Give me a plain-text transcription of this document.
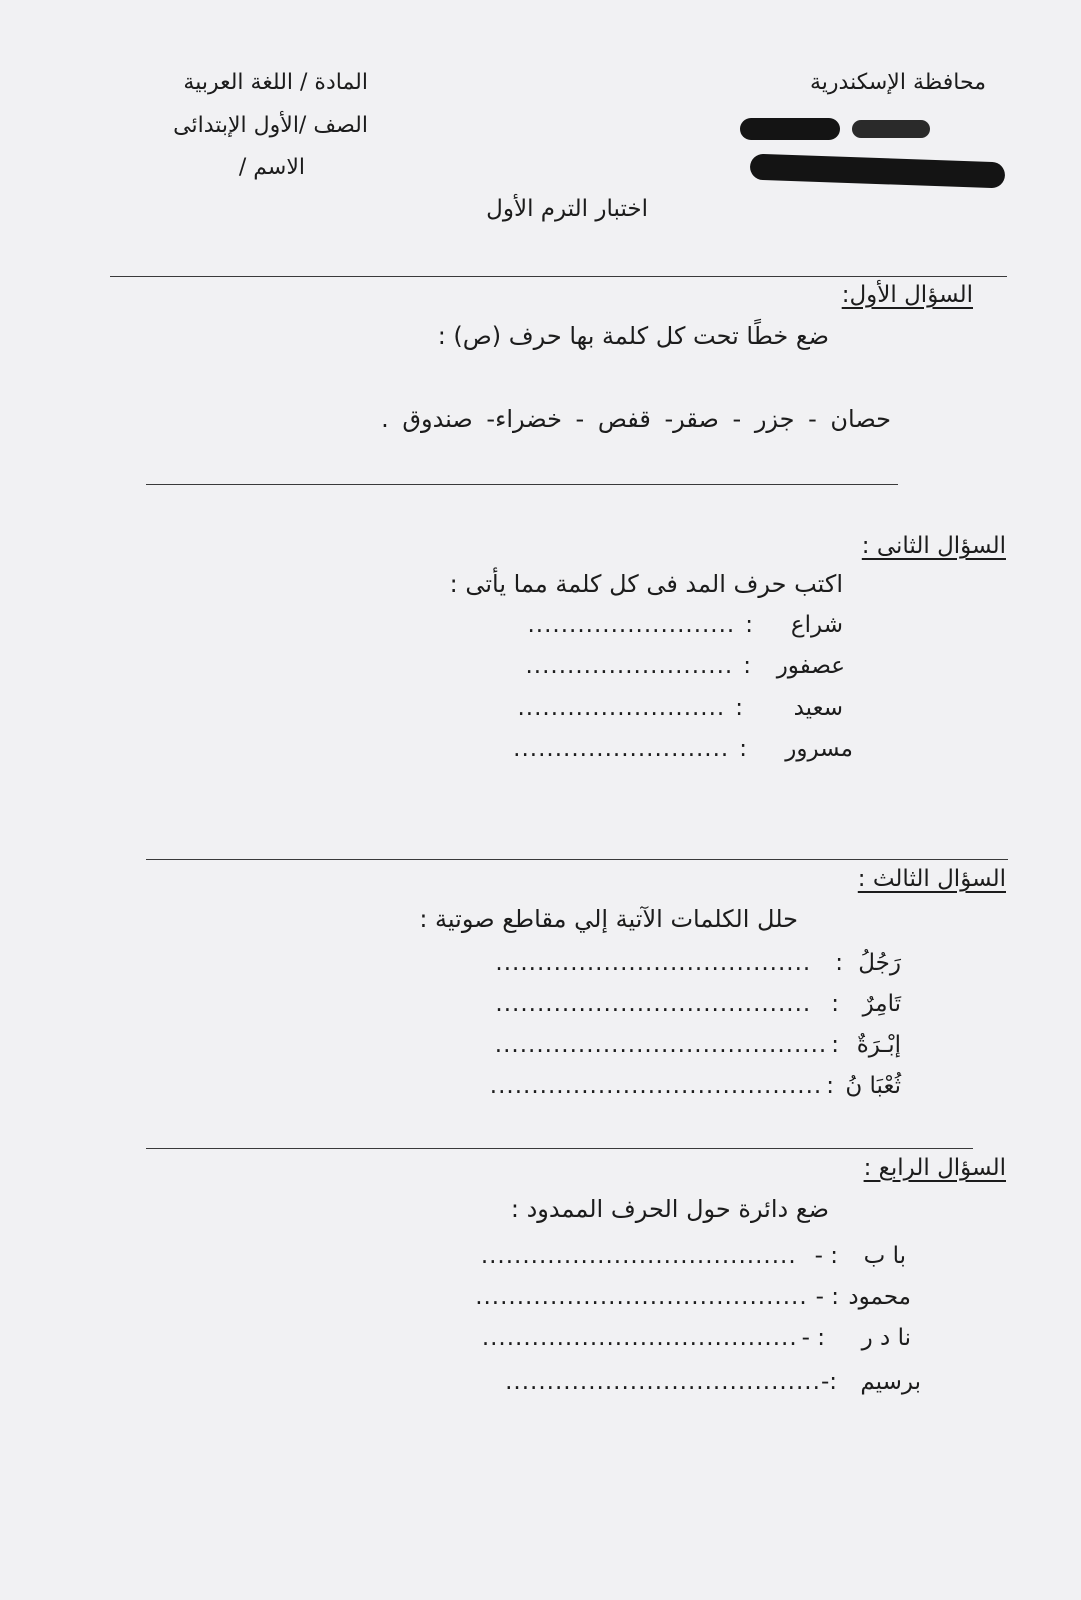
محافظة الإسكندرية
المادة / اللغة العربية
الصف /الأول الإبتدائى
الاسم /
اختبار الترم الأول
السؤال الأول:
ضع خطًا تحت كل كلمة بها حرف (ص) :
حصان - جزر - صقر- قفص - خضراء- صندوق .
السؤال الثانى :
اكتب حرف المد فى كل كلمة مما يأتى :
شراع
:
.........................
عصفور
:
.........................
سعيد
:
.........................
مسرور
:
..........................
السؤال الثالث :
حلل الكلمات الآتية إلي مقاطع صوتية :
رَجُلُ
:
......................................
تَامِرٌ
:
......................................
إبْـرَةٌ
:
........................................
ثُعْبَا نُ
:
........................................
السؤال الرابع :
ضع دائرة حول الحرف الممدود :
با ب
: -
......................................
محمود
: -
........................................
نا د ر
: -
......................................
برسيم
:-
......................................
